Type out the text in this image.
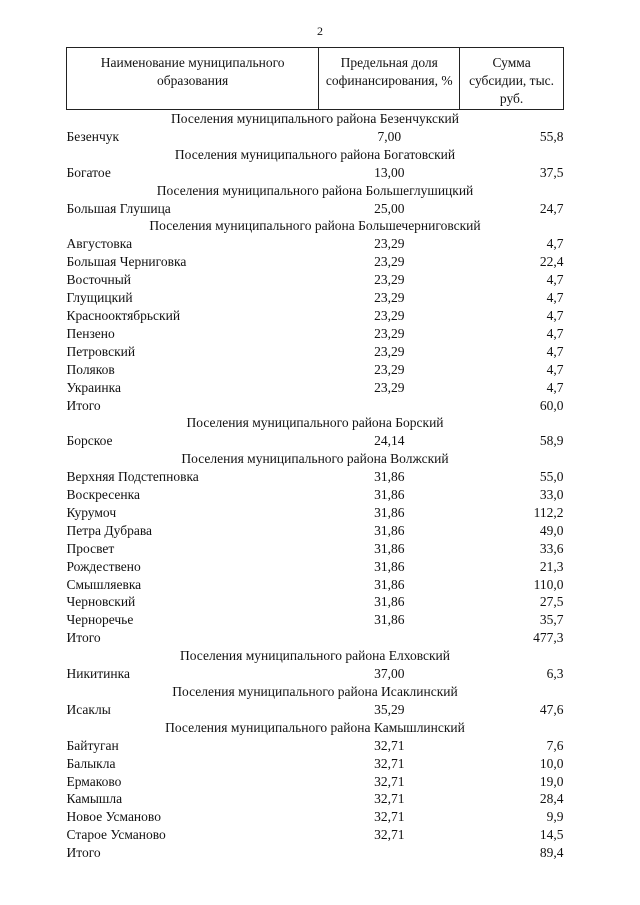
2
Наименование муниципального образования	Предельная доля софинансирования, %	Сумма субсидии, тыс. руб.
Поселения муниципального района Безенчукский		
Безенчук	7,00	55,8
Поселения муниципального района Богатовский		
Богатое	13,00	37,5
Поселения муниципального района Большеглушицкий		
Большая Глушица	25,00	24,7
Поселения муниципального района Большечерниговский		
Августовка	23,29	4,7
Большая Черниговка	23,29	22,4
Восточный	23,29	4,7
Глущицкий	23,29	4,7
Краснооктябрьский	23,29	4,7
Пензено	23,29	4,7
Петровский	23,29	4,7
Поляков	23,29	4,7
Украинка	23,29	4,7
Итого		60,0
Поселения муниципального района Борский		
Борское	24,14	58,9
Поселения муниципального района Волжский		
Верхняя Подстепновка	31,86	55,0
Воскресенка	31,86	33,0
Курумоч	31,86	112,2
Петра Дубрава	31,86	49,0
Просвет	31,86	33,6
Рождествено	31,86	21,3
Смышляевка	31,86	110,0
Черновский	31,86	27,5
Черноречье	31,86	35,7
Итого		477,3
Поселения муниципального района Елховский		
Никитинка	37,00	6,3
Поселения муниципального района Исаклинский		
Исаклы	35,29	47,6
Поселения муниципального района Камышлинский		
Байтуган	32,71	7,6
Балыкла	32,71	10,0
Ермаково	32,71	19,0
Камышла	32,71	28,4
Новое Усманово	32,71	9,9
Старое Усманово	32,71	14,5
Итого		89,4
